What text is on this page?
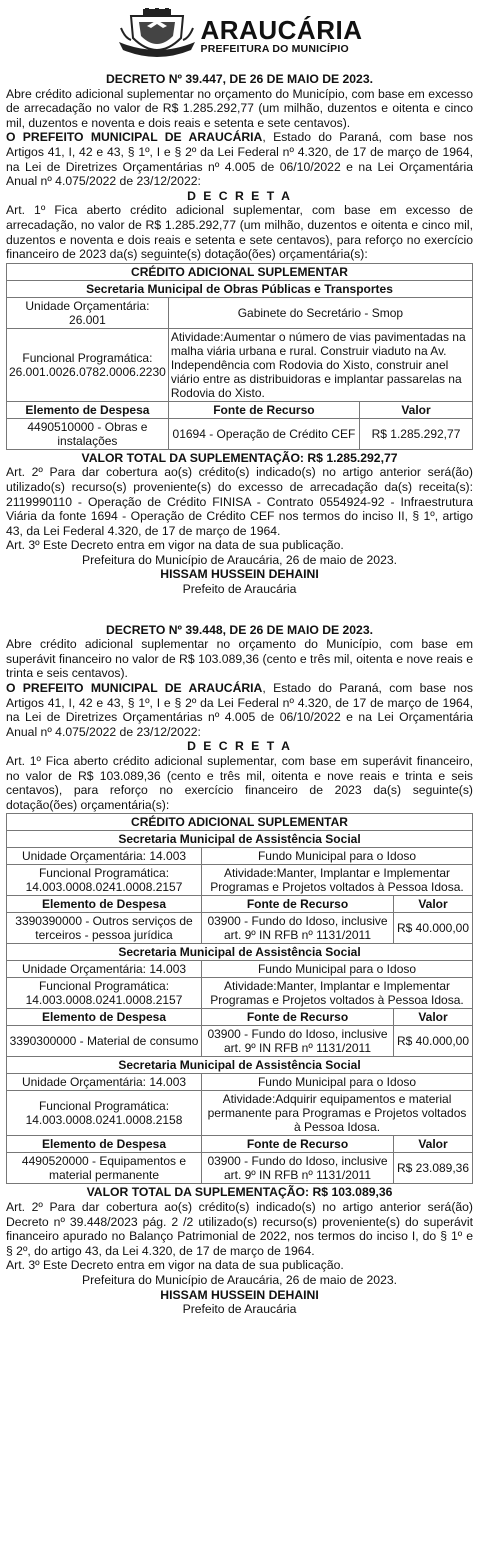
ARAUCÁRIA
PREFEITURA DO MUNICÍPIO
DECRETO Nº 39.447, DE 26 DE MAIO DE 2023.

Abre crédito adicional suplementar no orçamento do Município, com base em excesso de arrecadação no valor de R$ 1.285.292,77 (um milhão, duzentos e oitenta e cinco mil, duzentos e noventa e dois reais e setenta e sete centavos).

O PREFEITO MUNICIPAL DE ARAUCÁRIA, Estado do Paraná, com base nos Artigos 41, I, 42 e 43, § 1º, I e § 2º da Lei Federal nº 4.320, de 17 de março de 1964, na Lei de Diretrizes Orçamentárias nº 4.005 de 06/10/2022 e na Lei Orçamentária Anual nº 4.075/2022 de 23/12/2022:

D E C R E T A

Art. 1º Fica aberto crédito adicional suplementar, com base em excesso de arrecadação, no valor de R$ 1.285.292,77 (um milhão, duzentos e oitenta e cinco mil, duzentos e noventa e dois reais e setenta e sete centavos), para reforço no exercício financeiro de 2023 da(s) seguinte(s) dotação(ões) orçamentária(s):

CRÉDITO ADICIONAL SUPLEMENTAR		
Secretaria Municipal de Obras Públicas e Transportes		
Unidade Orçamentária: 26.001	Gabinete do Secretário - Smop	
Funcional Programática: 26.001.0026.0782.0006.2230	Atividade:Aumentar o número de vias pavimentadas na malha viária urbana e rural. Construir viaduto na Av. Independência com Rodovia do Xisto, construir anel viário entre as distribuidoras e implantar passarelas na Rodovia do Xisto.	
Elemento de Despesa	Fonte de Recurso	Valor
4490510000 - Obras e instalações	01694 - Operação de Crédito CEF	R$ 1.285.292,77
VALOR TOTAL DA SUPLEMENTAÇÃO: R$ 1.285.292,77

Art. 2º Para dar cobertura ao(s) crédito(s) indicado(s) no artigo anterior será(ão) utilizado(s) recurso(s) proveniente(s) do excesso de arrecadação da(s) receita(s): 2119990110 - Operação de Crédito FINISA - Contrato 0554924-92 - Infraestrutura Viária da fonte 1694 - Operação de Crédito CEF nos termos do inciso II, § 1º, artigo 43, da Lei Federal 4.320, de 17 de março de 1964.

Art. 3º Este Decreto entra em vigor na data de sua publicação.

Prefeitura do Município de Araucária, 26 de maio de 2023.
HISSAM HUSSEIN DEHAINI
Prefeito de Araucária
DECRETO Nº 39.448, DE 26 DE MAIO DE 2023.

Abre crédito adicional suplementar no orçamento do Município, com base em superávit financeiro no valor de R$ 103.089,36 (cento e três mil, oitenta e nove reais e trinta e seis centavos).

O PREFEITO MUNICIPAL DE ARAUCÁRIA, Estado do Paraná, com base nos Artigos 41, I, 42 e 43, § 1º, I e § 2º da Lei Federal nº 4.320, de 17 de março de 1964, na Lei de Diretrizes Orçamentárias nº 4.005 de 06/10/2022 e na Lei Orçamentária Anual nº 4.075/2022 de 23/12/2022:

D E C R E T A

Art. 1º Fica aberto crédito adicional suplementar, com base em superávit financeiro, no valor de R$ 103.089,36 (cento e três mil, oitenta e nove reais e trinta e seis centavos), para reforço no exercício financeiro de 2023 da(s) seguinte(s) dotação(ões) orçamentária(s):

CRÉDITO ADICIONAL SUPLEMENTAR		
Secretaria Municipal de Assistência Social		
Unidade Orçamentária: 14.003	Fundo Municipal para o Idoso	
Funcional Programática: 14.003.0008.0241.0008.2157	Atividade:Manter, Implantar e Implementar Programas e Projetos voltados à Pessoa Idosa.	
Elemento de Despesa	Fonte de Recurso	Valor
3390390000 - Outros serviços de terceiros - pessoa jurídica	03900 - Fundo do Idoso, inclusive art. 9º IN RFB nº 1131/2011	R$ 40.000,00
Secretaria Municipal de Assistência Social		
Unidade Orçamentária: 14.003	Fundo Municipal para o Idoso	
Funcional Programática: 14.003.0008.0241.0008.2157	Atividade:Manter, Implantar e Implementar Programas e Projetos voltados à Pessoa Idosa.	
Elemento de Despesa	Fonte de Recurso	Valor
3390300000 - Material de consumo	03900 - Fundo do Idoso, inclusive art. 9º IN RFB nº 1131/2011	R$ 40.000,00
Secretaria Municipal de Assistência Social		
Unidade Orçamentária: 14.003	Fundo Municipal para o Idoso	
Funcional Programática: 14.003.0008.0241.0008.2158	Atividade:Adquirir equipamentos e material permanente para Programas e Projetos voltados à Pessoa Idosa.	
Elemento de Despesa	Fonte de Recurso	Valor
4490520000 - Equipamentos e material permanente	03900 - Fundo do Idoso, inclusive art. 9º IN RFB nº 1131/2011	R$ 23.089,36
VALOR TOTAL DA SUPLEMENTAÇÃO: R$ 103.089,36

Art. 2º Para dar cobertura ao(s) crédito(s) indicado(s) no artigo anterior será(ão) Decreto nº 39.448/2023 pág. 2 /2 utilizado(s) recurso(s) proveniente(s) do superávit financeiro apurado no Balanço Patrimonial de 2022, nos termos do inciso I, do § 1º e § 2º, do artigo 43, da Lei 4.320, de 17 de março de 1964.

Art. 3º Este Decreto entra em vigor na data de sua publicação.

Prefeitura do Município de Araucária, 26 de maio de 2023.
HISSAM HUSSEIN DEHAINI
Prefeito de Araucária
